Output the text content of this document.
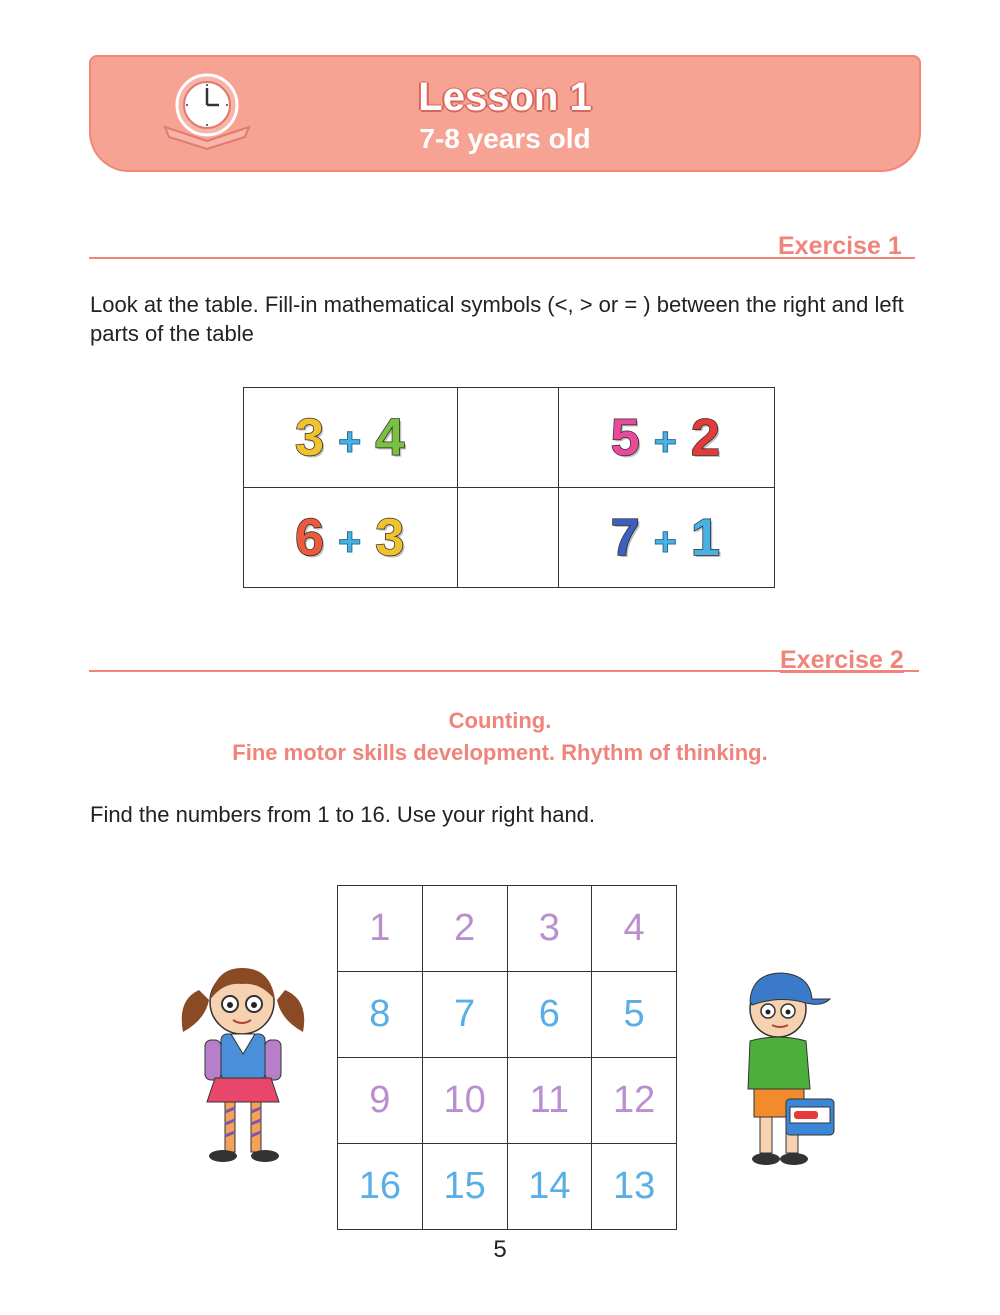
Lesson 1
7-8 years old
Exercise 1
Look at the table. Fill-in mathematical symbols (<, > or = ) between the right and left parts of the table
3 + 4		5 + 2
6 + 3		7 + 1
Exercise 2
Counting.
Fine motor skills development. Rhythm of thinking.
Find the numbers from 1 to 16. Use your right hand.
1	2	3	4
8	7	6	5
9	10	11	12
16	15	14	13
5
